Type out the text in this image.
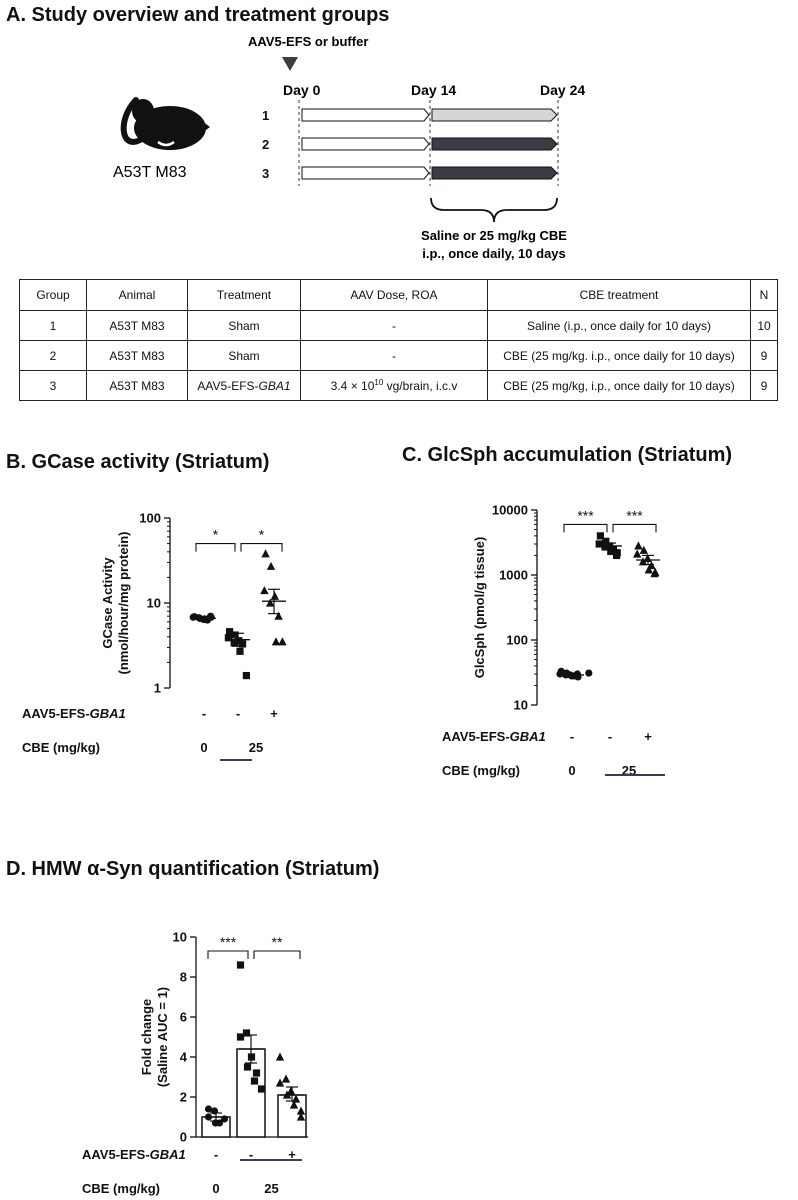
A. Study overview and treatment groups
B. GCase activity (Striatum)	C. GlcSph accumulation (Striatum)
D. HMW α-Syn quantification (Striatum)
AAV5-EFS or buffer
A53T M83
Day 0	Day 14	Day 24
1
2
3
Saline or 25 mg/kg CBE
i.p., once daily, 10 days
1
10
100
GCase Activity (nmol/hour/mg protein)	*	*
AAV5-EFS-GBA1	- - +
CBE (mg/kg)	0	25
10
100
1000
10000
GlcSph (pmol/g tissue)
*** ***
AAV5-EFS-GBA1 -	- +
CBE (mg/kg)	0	25
0
2
4
6
8
10
Fold change (Saline AUC = 1)
***	**
AAV5-EFS-GBA1 - -	+
CBE (mg/kg)	0	25
Group	Animal	Treatment	AAV Dose, ROA	CBE treatment	N
1	A53T M83	Sham	-	Saline (i.p., once daily for 10 days)	10
2	A53T M83	Sham	-	CBE (25 mg/kg. i.p., once daily for 10 days)	9
3	A53T M83	AAV5-EFS-GBA1	$3.4 \times 10^{10}$ vg/brain, i.c.v	CBE (25 mg/kg, i.p., once daily for 10 days)	9
